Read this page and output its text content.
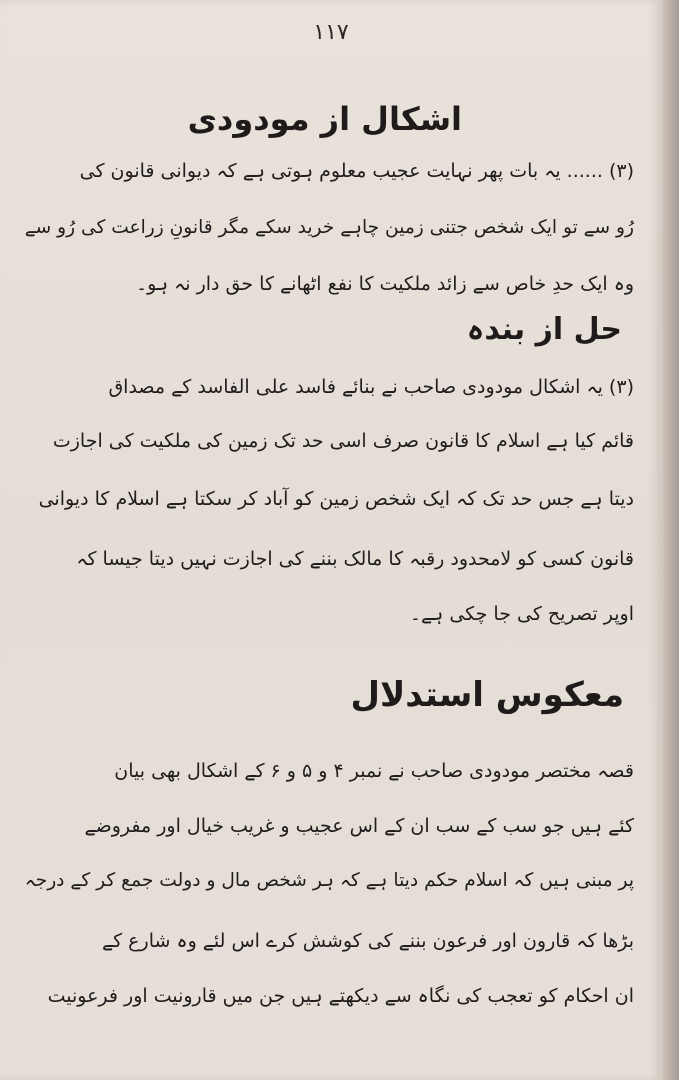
۱۱۷
اشکال از مودودی
(۳) ...... یہ بات پھر نہایت عجیب معلوم ہوتی ہے کہ دیوانی قانون کی
رُو سے تو ایک شخص جتنی زمین چاہے خرید سکے مگر قانونِ زراعت کی رُو سے
وہ ایک حدِ خاص سے زائد ملکیت کا نفع اٹھانے کا حق دار نہ ہو۔
حل از بندہ
(۳) یہ اشکال مودودی صاحب نے بنائے فاسد علی الفاسد کے مصداق
قائم کیا ہے اسلام کا قانون صرف اسی حد تک زمین کی ملکیت کی اجازت
دیتا ہے جس حد تک کہ ایک شخص زمین کو آباد کر سکتا ہے اسلام کا دیوانی
قانون کسی کو لامحدود رقبہ کا مالک بننے کی اجازت نہیں دیتا جیسا کہ
اوپر تصریح کی جا چکی ہے۔
معکوس استدلال
قصہ مختصر مودودی صاحب نے نمبر ۴ و ۵ و ۶ کے اشکال بھی بیان
کئے ہیں جو سب کے سب ان کے اس عجیب و غریب خیال اور مفروضے
پر مبنی ہیں کہ اسلام حکم دیتا ہے کہ ہر شخص مال و دولت جمع کر کے درجہ
بڑھا کہ قارون اور فرعون بننے کی کوشش کرے اس لئے وہ شارع کے
ان احکام کو تعجب کی نگاہ سے دیکھتے ہیں جن میں قارونیت اور فرعونیت
